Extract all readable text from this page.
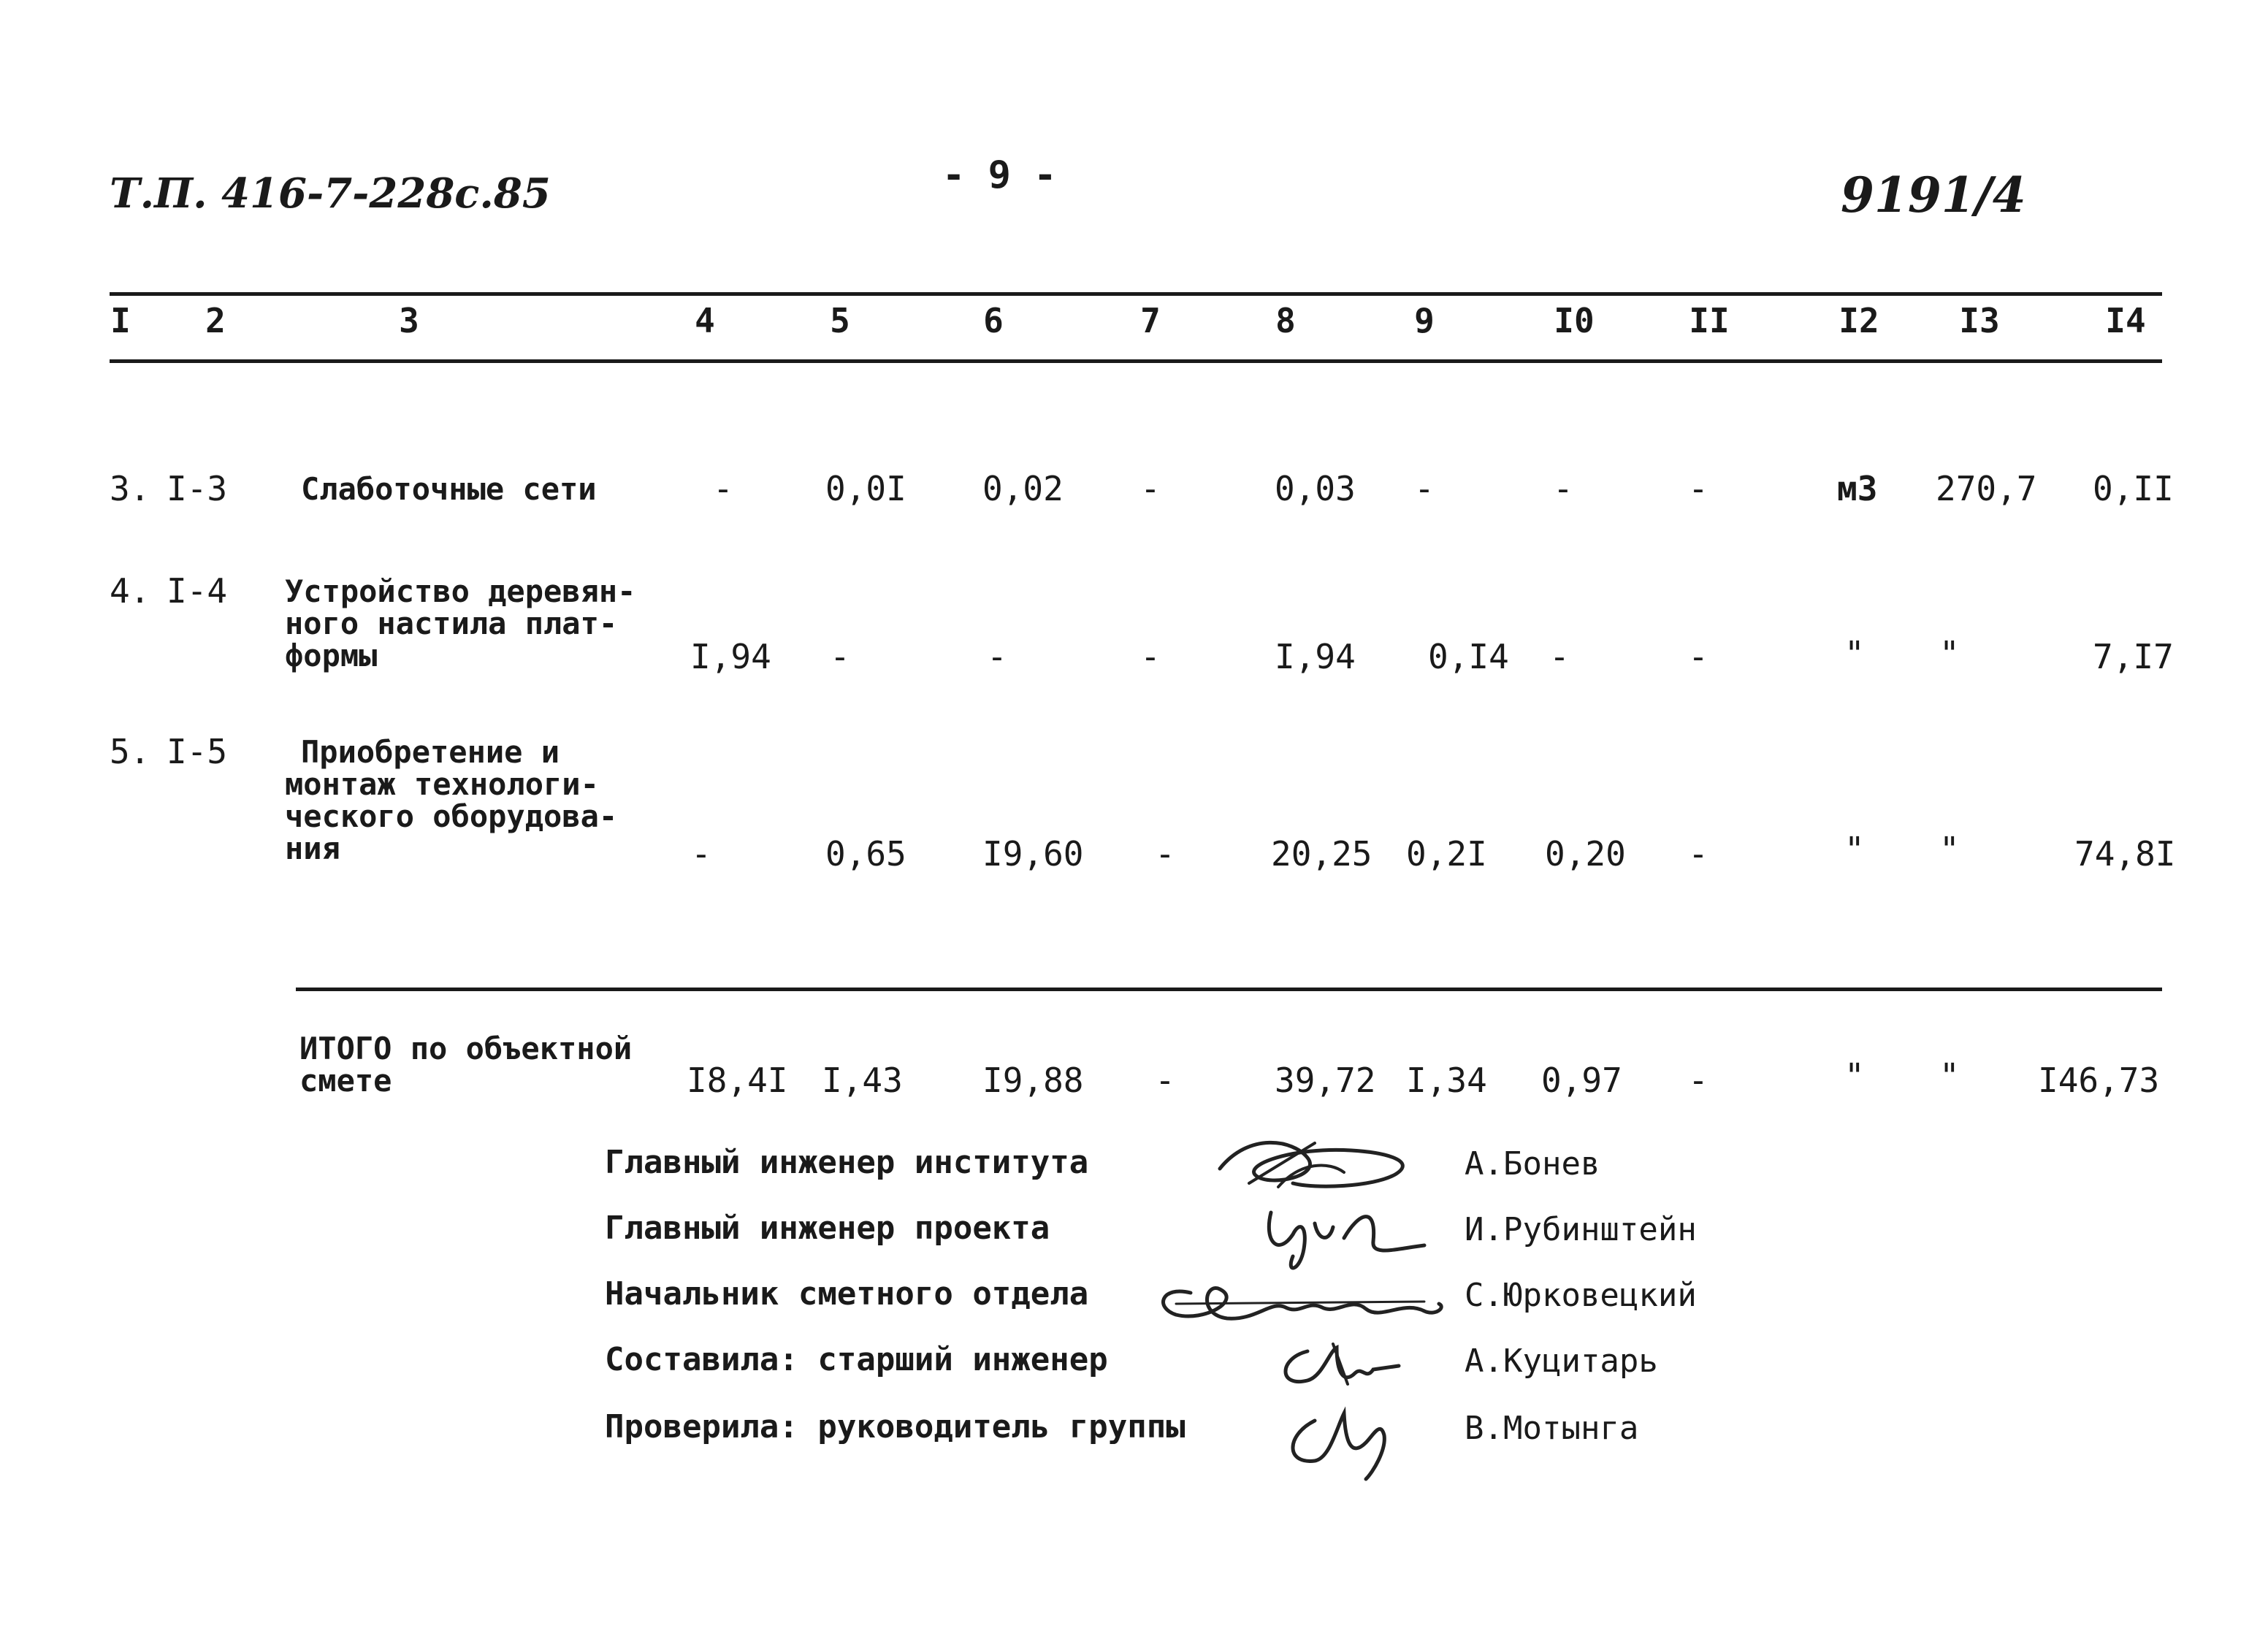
Т.П. 416-7-228с.85	- 9 -	9191/4
I	2	3	4	5	6	7	8	9	I0	II	I2	I3	I4
3. I-3 Слаботочные сети	-	0,0I 0,02	-	0,03	-	-	-	м3 270,7 0,II
4. I-4 Устройство деревян-
ного настила плат-
формы	I,94	-	-	-	I,94 0,I4	-	-	" "	7,I7
5. I-5 Приобретение и
монтаж технологи-
ческого оборудова-
ния	-	0,65 I9,60	-	20,25 0,2I 0,20	-	" "	74,8I
ИТОГО по объектной
смете	I8,4I I,43 I9,88	-	39,72 I,34 0,97	-	" " I46,73
Главный инженер института	А.Бонев
Главный инженер проекта	И.Рубинштейн
Начальник сметного отдела	С.Юрковецкий
Составила: старший инженер	А.Куцитарь
Проверила: руководитель группы	В.Мотынга
